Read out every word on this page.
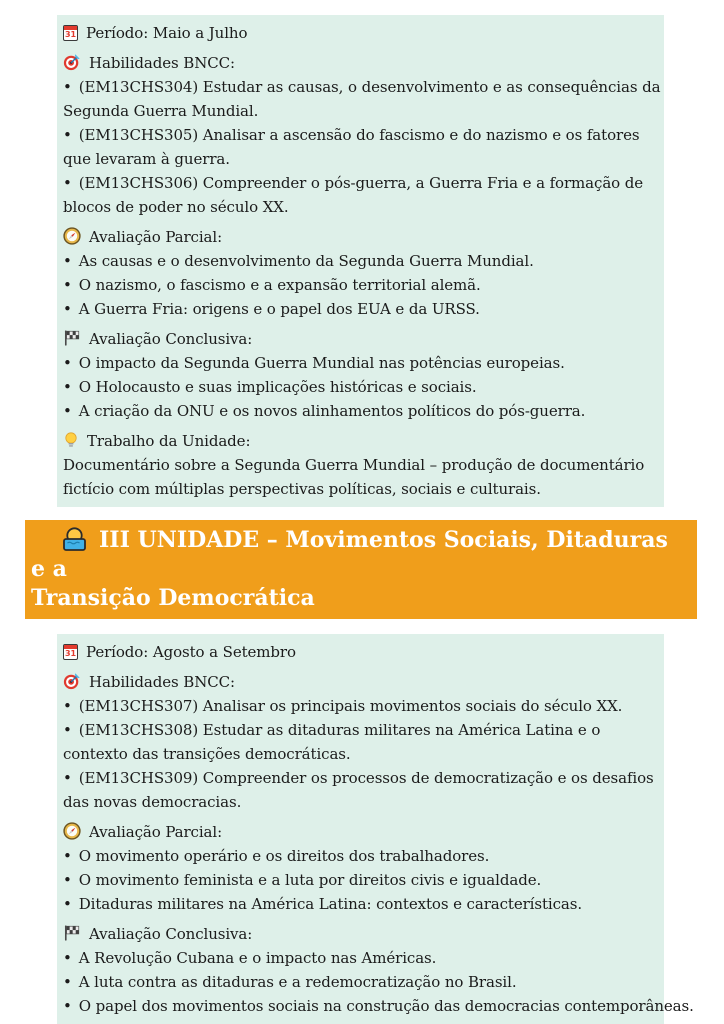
31 Período: Maio a Julho

Habilidades BNCC:

• (EM13CHS304) Estudar as causas, o desenvolvimento e as consequências da Segunda Guerra Mundial.

• (EM13CHS305) Analisar a ascensão do fascismo e do nazismo e os fatores que levaram à guerra.

• (EM13CHS306) Compreender o pós-guerra, a Guerra Fria e a formação de blocos de poder no século XX.

Avaliação Parcial:

• As causas e o desenvolvimento da Segunda Guerra Mundial.

• O nazismo, o fascismo e a expansão territorial alemã.

• A Guerra Fria: origens e o papel dos EUA e da URSS.

Avaliação Conclusiva:

• O impacto da Segunda Guerra Mundial nas potências europeias.

• O Holocausto e suas implicações históricas e sociais.

• A criação da ONU e os novos alinhamentos políticos do pós-guerra.

Trabalho da Unidade:

Documentário sobre a Segunda Guerra Mundial – produção de documentário fictício com múltiplas perspectivas políticas, sociais e culturais.

III UNIDADE – Movimentos Sociais, Ditaduras e a
Transição Democrática

31 Período: Agosto a Setembro

Habilidades BNCC:

• (EM13CHS307) Analisar os principais movimentos sociais do século XX.

• (EM13CHS308) Estudar as ditaduras militares na América Latina e o contexto das transições democráticas.

• (EM13CHS309) Compreender os processos de democratização e os desafios das novas democracias.

Avaliação Parcial:

• O movimento operário e os direitos dos trabalhadores.

• O movimento feminista e a luta por direitos civis e igualdade.

• Ditaduras militares na América Latina: contextos e características.

Avaliação Conclusiva:

• A Revolução Cubana e o impacto nas Américas.

• A luta contra as ditaduras e a redemocratização no Brasil.

• O papel dos movimentos sociais na construção das democracias contemporâneas.
